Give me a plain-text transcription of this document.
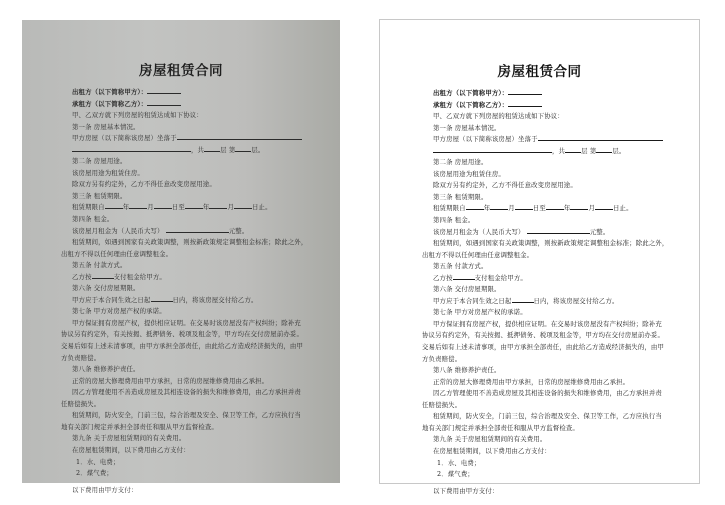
房屋租赁合同
出租方（以下简称甲方）：
承租方（以下简称乙方）：
甲、乙双方就下列房屋的租赁达成如下协议：
第一条 房屋基本情况。
甲方房屋（以下简称该房屋）坐落于
，共	层 第	层。
第二条 房屋用途。
该房屋用途为租赁住房。
除双方另有约定外，乙方不得任意改变房屋用途。
第三条 租赁期限。
租赁期限自	年	月	日至	年	月	日止。
第四条 租金。
该房屋月租金为（人民币大写）	元整。
租赁期间，如遇到国家有关政策调整，则按新政策规定调整租金标准；除此之外，
出租方不得以任何理由任意调整租金。
第五条 付款方式。
乙方按	支付租金给甲方。
第六条 交付房屋期限。
甲方应于本合同生效之日起	日内，将该房屋交付给乙方。
第七条 甲方对房屋产权的承诺。
甲方保证拥有房屋产权，提供相应证明。在交易时该房屋没有产权纠纷；除补充
协议另有约定外，有关按揭、抵押债务、税项及租金等，甲方均在交付房屋前办妥。
交易后如有上述未清事项，由甲方承担全部责任，由此给乙方造成经济损失的，由甲
方负责赔偿。
第八条 维修养护责任。
正常的房屋大修理费用由甲方承担，日常的房屋维修费用由乙承担。
因乙方管理使用不善造成房屋及其相连设备的损失和维修费用，由乙方承担并责
任赔偿损失。
租赁期间，防火安全，门前三包，综合治理及安全、保卫等工作，乙方应执行当
地有关部门规定并承担全部责任和服从甲方监督检查。
第九条 关于房屋租赁期间的有关费用。
在房屋租赁期间，以下费用由乙方支付：
1．水、电费；
2．煤气费；
以下费用由甲方支付：
房屋租赁合同
出租方（以下简称甲方）：
承租方（以下简称乙方）：
甲、乙双方就下列房屋的租赁达成如下协议：
第一条 房屋基本情况。
甲方房屋（以下简称该房屋）坐落于
，共	层 第	层。
第二条 房屋用途。
该房屋用途为租赁住房。
除双方另有约定外，乙方不得任意改变房屋用途。
第三条 租赁期限。
租赁期限自	年	月	日至	年	月	日止。
第四条 租金。
该房屋月租金为（人民币大写）	元整。
租赁期间，如遇到国家有关政策调整，则按新政策规定调整租金标准；除此之外，
出租方不得以任何理由任意调整租金。
第五条 付款方式。
乙方按	支付租金给甲方。
第六条 交付房屋期限。
甲方应于本合同生效之日起	日内，将该房屋交付给乙方。
第七条 甲方对房屋产权的承诺。
甲方保证拥有房屋产权，提供相应证明。在交易时该房屋没有产权纠纷；除补充
协议另有约定外，有关按揭、抵押债务、税项及租金等，甲方均在交付房屋前办妥。
交易后如有上述未清事项，由甲方承担全部责任，由此给乙方造成经济损失的，由甲
方负责赔偿。
第八条 维修养护责任。
正常的房屋大修理费用由甲方承担，日常的房屋维修费用由乙承担。
因乙方管理使用不善造成房屋及其相连设备的损失和维修费用，由乙方承担并责
任赔偿损失。
租赁期间，防火安全，门前三包，综合治理及安全、保卫等工作，乙方应执行当
地有关部门规定并承担全部责任和服从甲方监督检查。
第九条 关于房屋租赁期间的有关费用。
在房屋租赁期间，以下费用由乙方支付：
1．水、电费；
2．煤气费；
以下费用由甲方支付：
